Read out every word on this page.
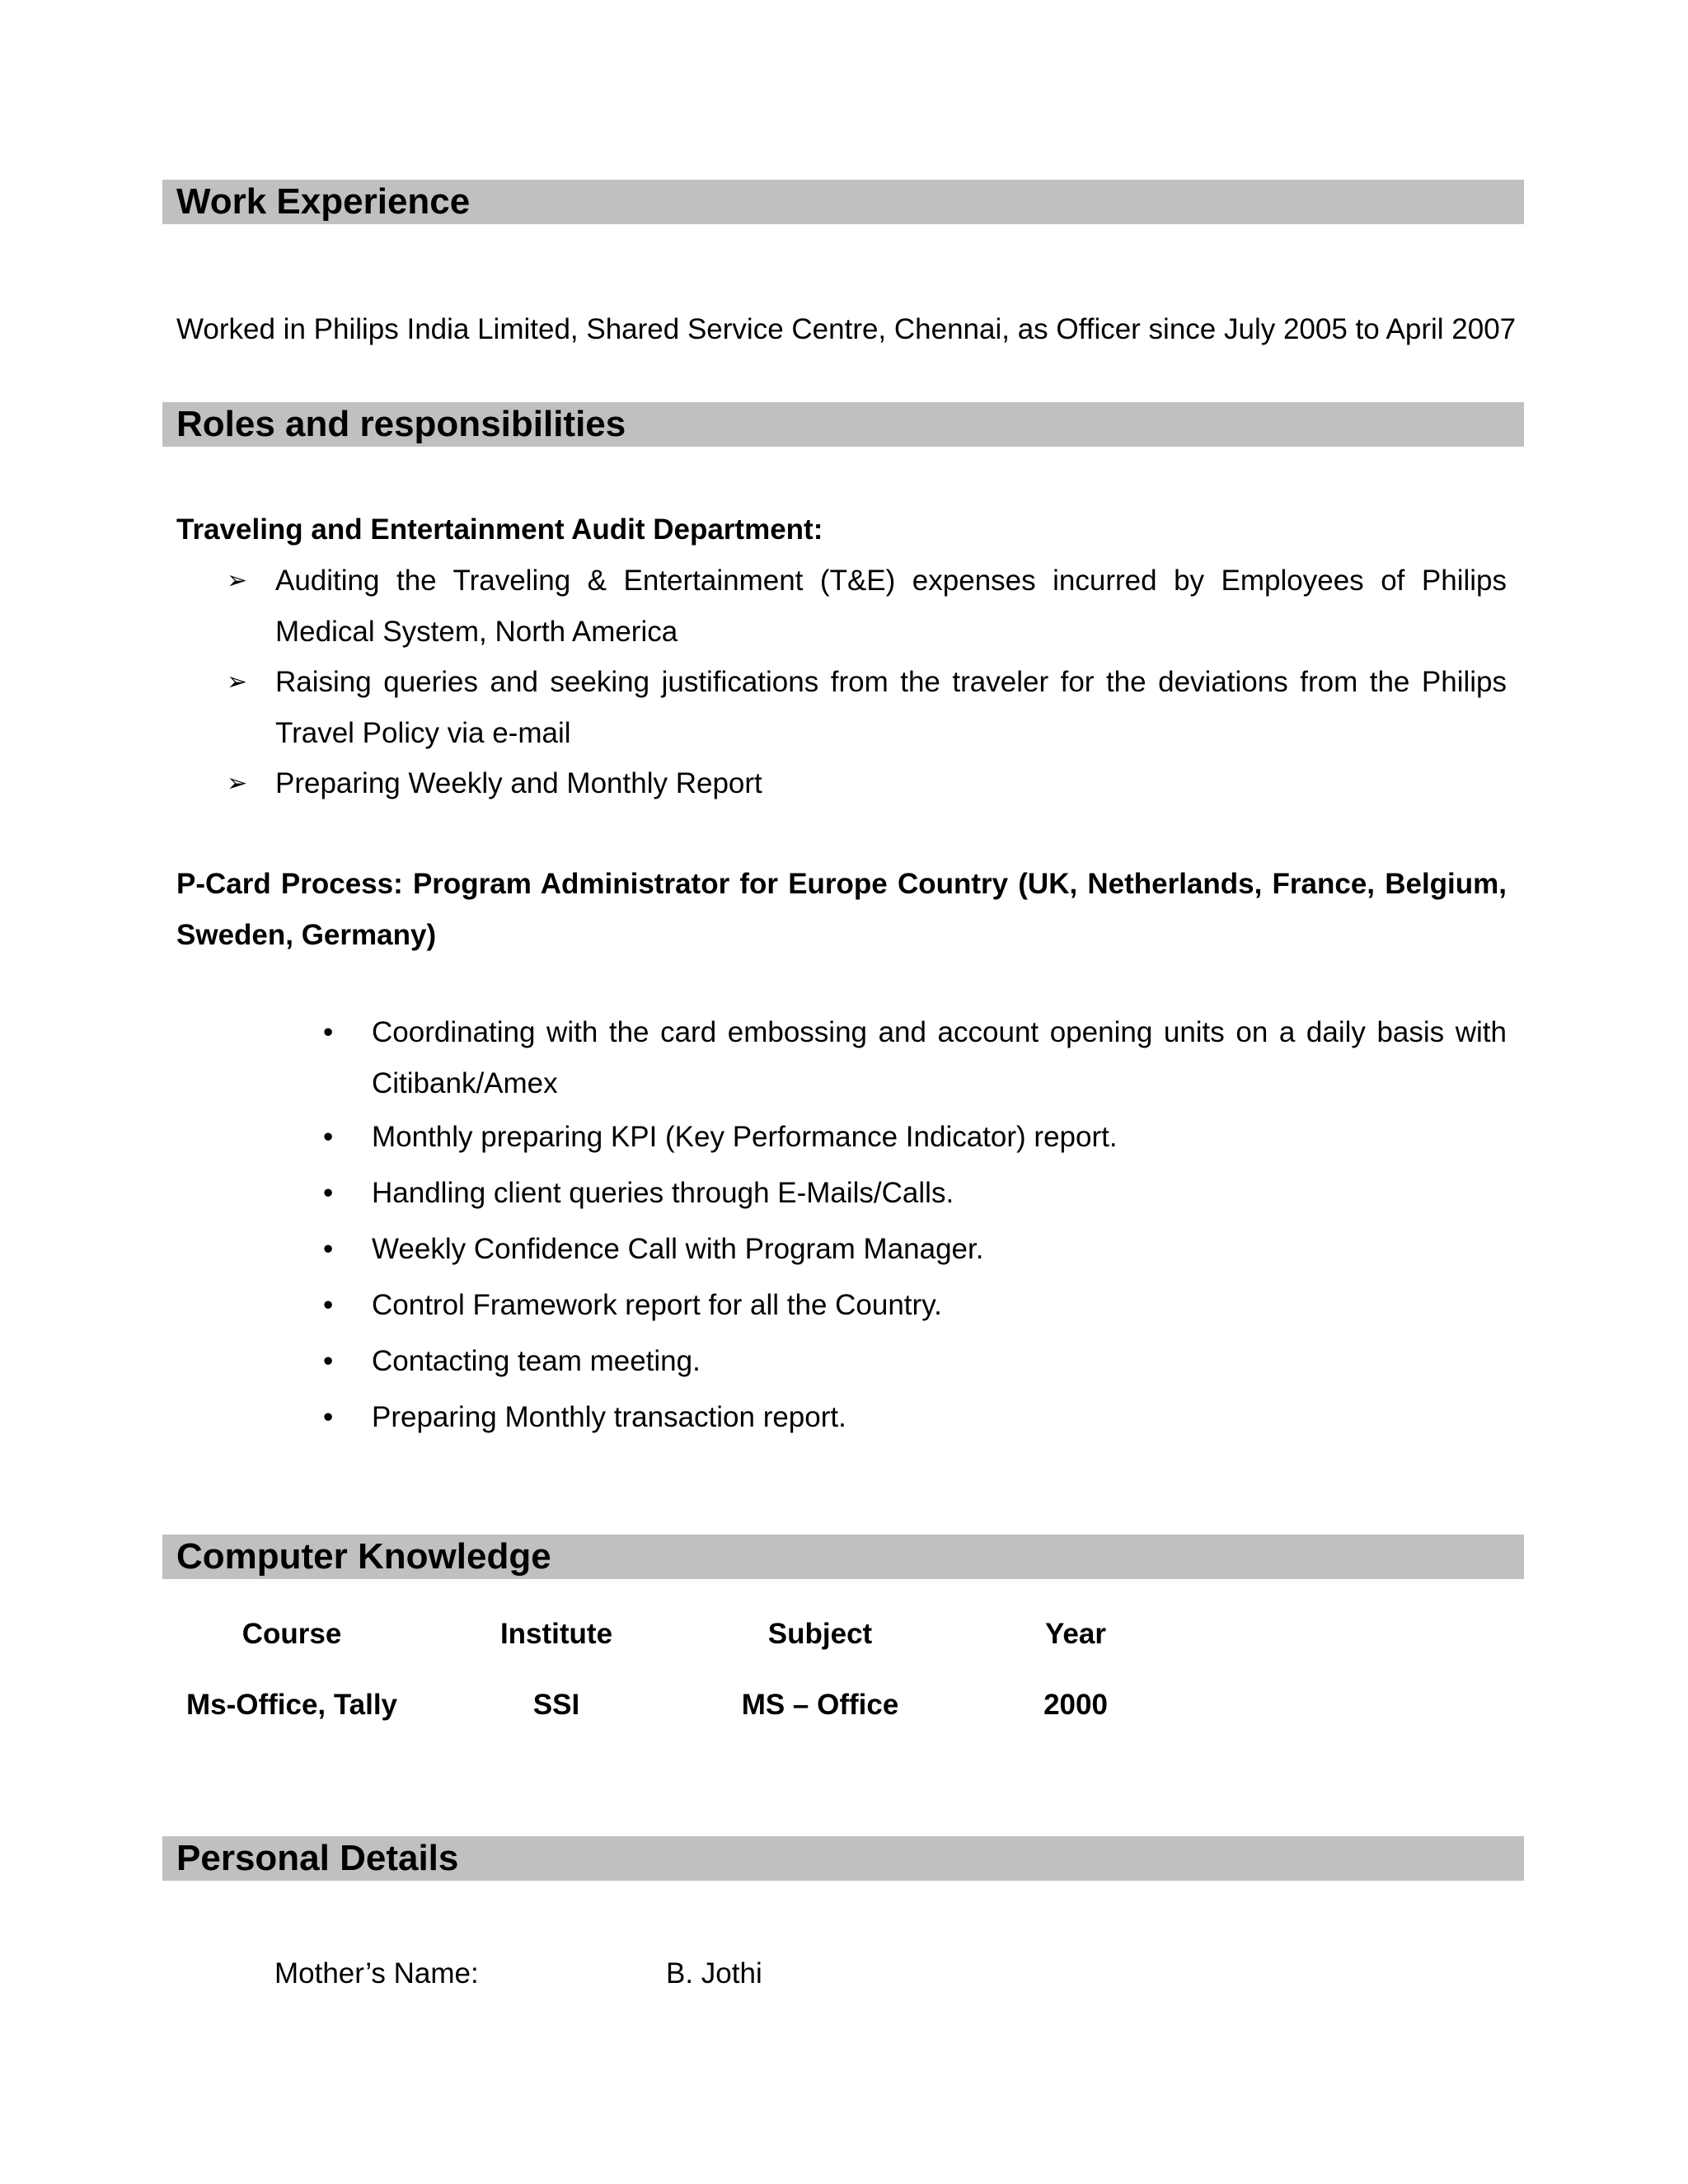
Work Experience
Worked in Philips India Limited, Shared Service Centre, Chennai, as Officer since July 2005 to April 2007
Roles and responsibilities
Traveling and Entertainment Audit Department:
➢ Auditing the Traveling & Entertainment (T&E) expenses incurred by Employees of Philips Medical System, North America
➢ Raising queries and seeking justifications from the traveler for the deviations from the Philips Travel Policy via e-mail
➢ Preparing Weekly and Monthly Report
P-Card Process: Program Administrator for Europe Country (UK, Netherlands, France, Belgium, Sweden, Germany)
• Coordinating with the card embossing and account opening units on a daily basis with Citibank/Amex
• Monthly preparing KPI (Key Performance Indicator) report.
• Handling client queries through E-Mails/Calls.
• Weekly Confidence Call with Program Manager.
• Control Framework report for all the Country.
• Contacting team meeting.
• Preparing Monthly transaction report.
Computer Knowledge
Course	Institute	Subject	Year
Ms-Office, Tally	SSI	MS – Office	2000
Personal Details
Mother’s Name:	B. Jothi
